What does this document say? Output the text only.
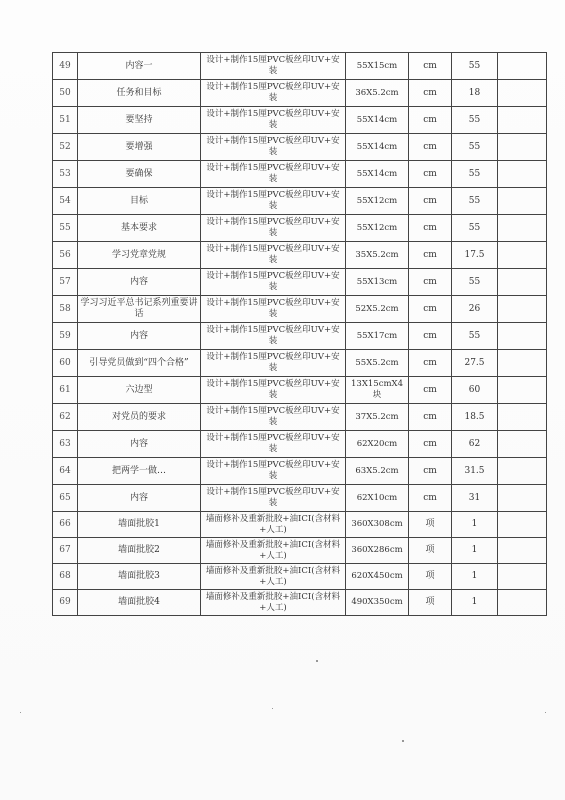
49	内容一	设计+制作15厘PVC板丝印UV+安装	55X15cm	cm	55	
50	任务和目标	设计+制作15厘PVC板丝印UV+安装	36X5.2cm	cm	18	
51	要坚持	设计+制作15厘PVC板丝印UV+安装	55X14cm	cm	55	
52	要增强	设计+制作15厘PVC板丝印UV+安装	55X14cm	cm	55	
53	要确保	设计+制作15厘PVC板丝印UV+安装	55X14cm	cm	55	
54	目标	设计+制作15厘PVC板丝印UV+安装	55X12cm	cm	55	
55	基本要求	设计+制作15厘PVC板丝印UV+安装	55X12cm	cm	55	
56	学习党章党规	设计+制作15厘PVC板丝印UV+安装	35X5.2cm	cm	17.5	
57	内容	设计+制作15厘PVC板丝印UV+安装	55X13cm	cm	55	
58	学习习近平总书记系列重要讲话	设计+制作15厘PVC板丝印UV+安装	52X5.2cm	cm	26	
59	内容	设计+制作15厘PVC板丝印UV+安装	55X17cm	cm	55	
60	引导党员做到“四个合格”	设计+制作15厘PVC板丝印UV+安装	55X5.2cm	cm	27.5	
61	六边型	设计+制作15厘PVC板丝印UV+安装	13X15cmX4块	cm	60	
62	对党员的要求	设计+制作15厘PVC板丝印UV+安装	37X5.2cm	cm	18.5	
63	内容	设计+制作15厘PVC板丝印UV+安装	62X20cm	cm	62	
64	把两学一做…	设计+制作15厘PVC板丝印UV+安装	63X5.2cm	cm	31.5	
65	内容	设计+制作15厘PVC板丝印UV+安装	62X10cm	cm	31	
66	墙面批胶1	墙面修补及重新批胶+油ICI(含材料+人工)	360X308cm	项	1	
67	墙面批胶2	墙面修补及重新批胶+油ICI(含材料+人工)	360X286cm	项	1	
68	墙面批胶3	墙面修补及重新批胶+油ICI(含材料+人工)	620X450cm	项	1	
69	墙面批胶4	墙面修补及重新批胶+油ICI(含材料+人工)	490X350cm	项	1	
